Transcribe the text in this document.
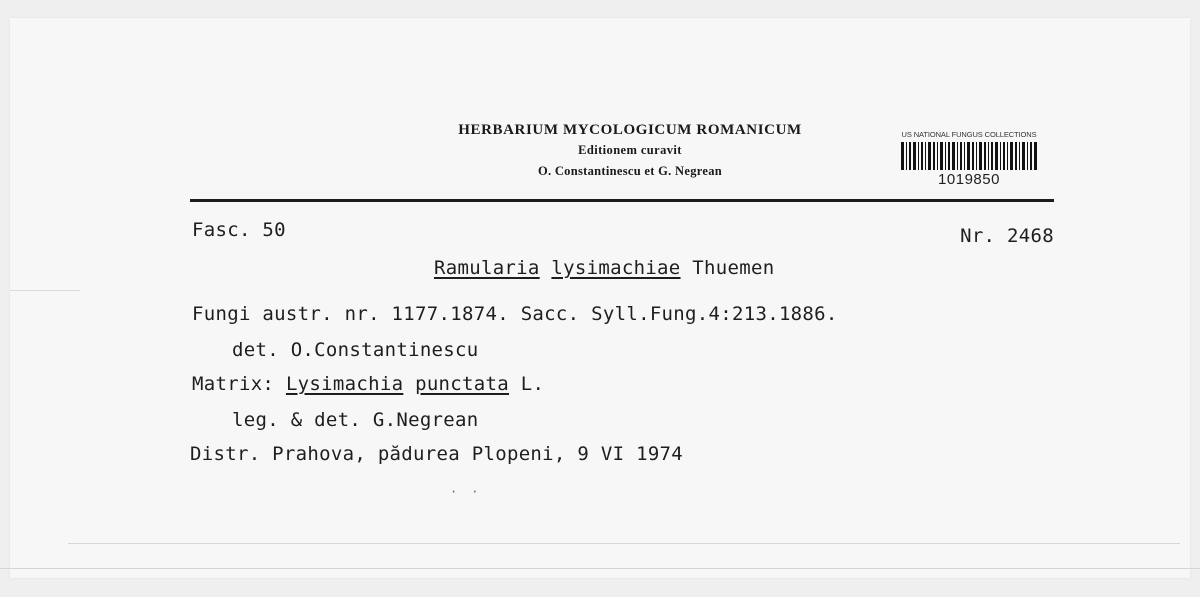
HERBARIUM MYCOLOGICUM ROMANICUM
Editionem curavit
O. Constantinescu et G. Negrean
US NATIONAL FUNGUS COLLECTIONS
1019850
Fasc. 50	Nr. 2468
Ramularia lysimachiae Thuemen
Fungi austr. nr. 1177.1874. Sacc. Syll.Fung.4:213.1886.
det. O.Constantinescu
Matrix: Lysimachia punctata L.
leg. & det. G.Negrean
Distr. Prahova, pădurea Plopeni, 9 VI 1974
··
